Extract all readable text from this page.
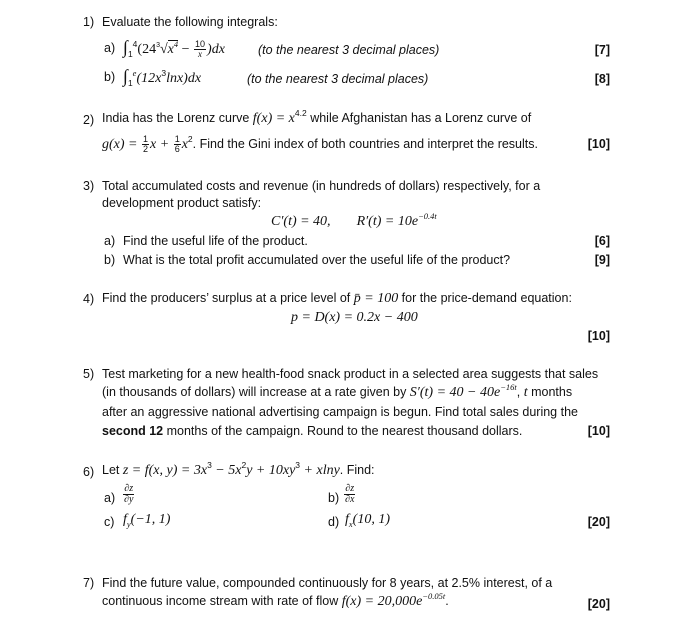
1) Evaluate the following integrals:
a) $\int_1^4(24^3√x^4 - \frac{10}{x} )dx$	(to the nearest 3 decimal places)	[7]
b) $\int_1^e(12x^3\ln x)dx$	(to the nearest 3 decimal places)	[8]
2) India has the Lorenz curve $f(x) = x^{4.2}$ while Afghanistan has a Lorenz curve of
$g(x) = \frac{1}{2}$ $x + \frac{1}{6} x^2$. Find the Gini index of both countries and interpret the results.	[10]
3) Total accumulated costs and revenue (in hundreds of dollars) respectively, for a
development product satisfy:
C′(t) = 40, $R'(t) = 10e^{-0.4t}$
a) Find the useful life of the product.	[6]
b) What is the total profit accumulated over the useful life of the product?	[9]
4) Find the producers’ surplus at a price level of p̄ = 100 for the price-demand equation:
p = D(x) = 0.2x − 400
[10]
5) Test marketing for a new health-food snack product in a selected area suggests that sales
(in thousands of dollars) will increase at a rate given by $S'(t) = 40 - 40e^{-16t}$, t months
after an aggressive national advertising campaign is begun. Find total sales during the
second 12 months of the campaign. Round to the nearest thousand dollars.	[10]
6) Let z = f(x, $y) = 3x^3 - 5x^2y + 10xy^3 + xlny$. Find:
$a) \frac{\partial z}{\partial y}$	$b) \frac{\partial z}{\partial x}$
c) $f_y(-1$, 1)	d) $f_x(10$, 1)	[20]
7) Find the future value, compounded continuously for 8 years, at 2.5% interest, of a
continuous income stream with rate of flow $f(x) = 20,000e^{-0.05t}$.	[20]
